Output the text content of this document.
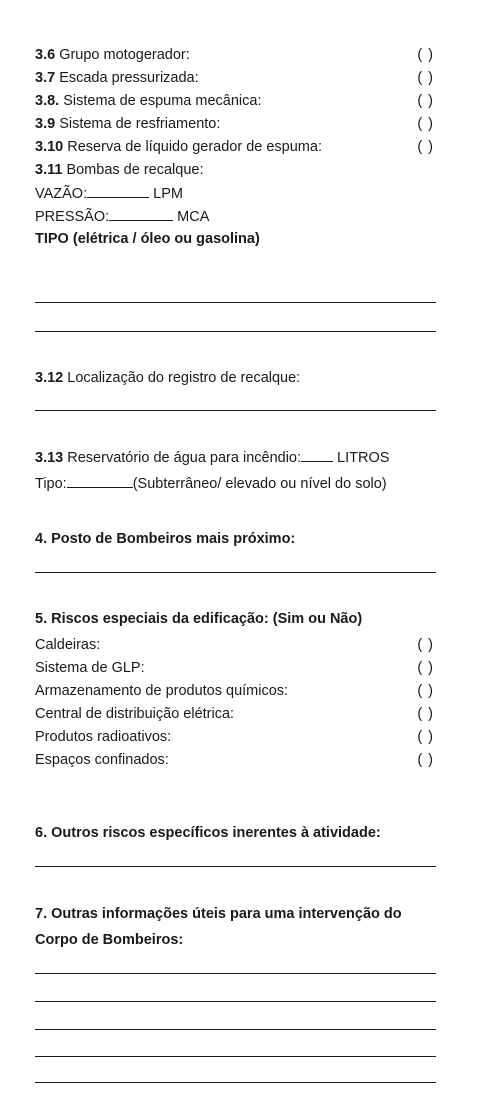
3.6 Grupo motogerador:	( )
3.7 Escada pressurizada:	( )
3.8. Sistema de espuma mecânica:	( )
3.9 Sistema de resfriamento:	( )
3.10 Reserva de líquido gerador de espuma:	( )
3.11 Bombas de recalque:
VAZÃO:	LPM
PRESSÃO:	MCA
TIPO (elétrica / óleo ou gasolina)
3.12 Localização do registro de recalque:
3.13 Reservatório de água para incêndio: LITROS
Tipo:	(Subterrâneo/ elevado ou nível do solo)
4. Posto de Bombeiros mais próximo:
5. Riscos especiais da edificação: (Sim ou Não)
Caldeiras:	( )
Sistema de GLP:	( )
Armazenamento de produtos químicos:	( )
Central de distribuição elétrica:	( )
Produtos radioativos:	( )
Espaços confinados:	( )
6. Outros riscos específicos inerentes à atividade:
7. Outras informações úteis para uma intervenção do
Corpo de Bombeiros:
